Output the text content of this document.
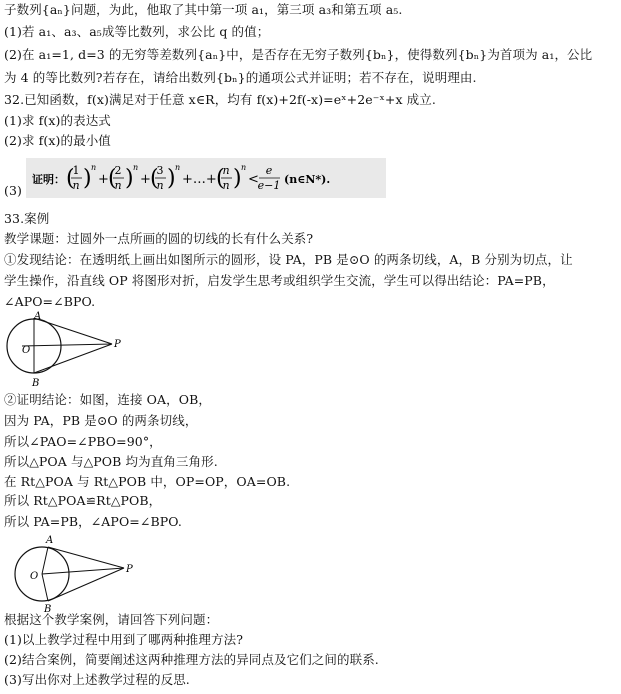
子数列{aₙ}问题，为此，他取了其中第一项 a₁，第三项 a₃和第五项 a₅.
(1)若 a₁、a₃、a₅成等比数列，求公比 q 的值；
(2)在 a₁=1, d=3 的无穷等差数列{aₙ}中，是否存在无穷子数列{bₙ}，使得数列{bₙ}为首项为 a₁，公比
为 4 的等比数列?若存在，请给出数列{bₙ}的通项公式并证明；若不存在，说明理由.
32.已知函数，f(x)满足对于任意 x∈R，均有 f(x)+2f(-x)=eˣ+2e⁻ˣ+x 成立.
(1)求 f(x)的表达式
(2)求 f(x)的最小值
(3)
证明： (
1
n ) n
+ (
2
n ) n
+ (
3
n ) n
+…+ (
n
n ) n
<
e
e−1 (n∈N*).
33.案例
教学课题：过圆外一点所画的圆的切线的长有什么关系?
①发现结论：在透明纸上画出如图所示的圆形，设 PA，PB 是⊙O 的两条切线，A，B 分别为切点，让
学生操作，沿直线 OP 将图形对折，启发学生思考或组织学生交流，学生可以得出结论：PA=PB，
∠APO=∠BPO.
A
O
P
B
②证明结论：如图，连接 OA，OB，
因为 PA，PB 是⊙O 的两条切线，
所以∠PAO=∠PBO=90°，
所以△POA 与△POB 均为直角三角形.
在 Rt△POA 与 Rt△POB 中，OP=OP，OA=OB.
所以 Rt△POA≌Rt△POB，
所以 PA=PB，∠APO=∠BPO.
A
O
P
B
根据这个教学案例，请回答下列问题：
(1)以上教学过程中用到了哪两种推理方法?
(2)结合案例，简要阐述这两种推理方法的异同点及它们之间的联系.
(3)写出你对上述教学过程的反思.
